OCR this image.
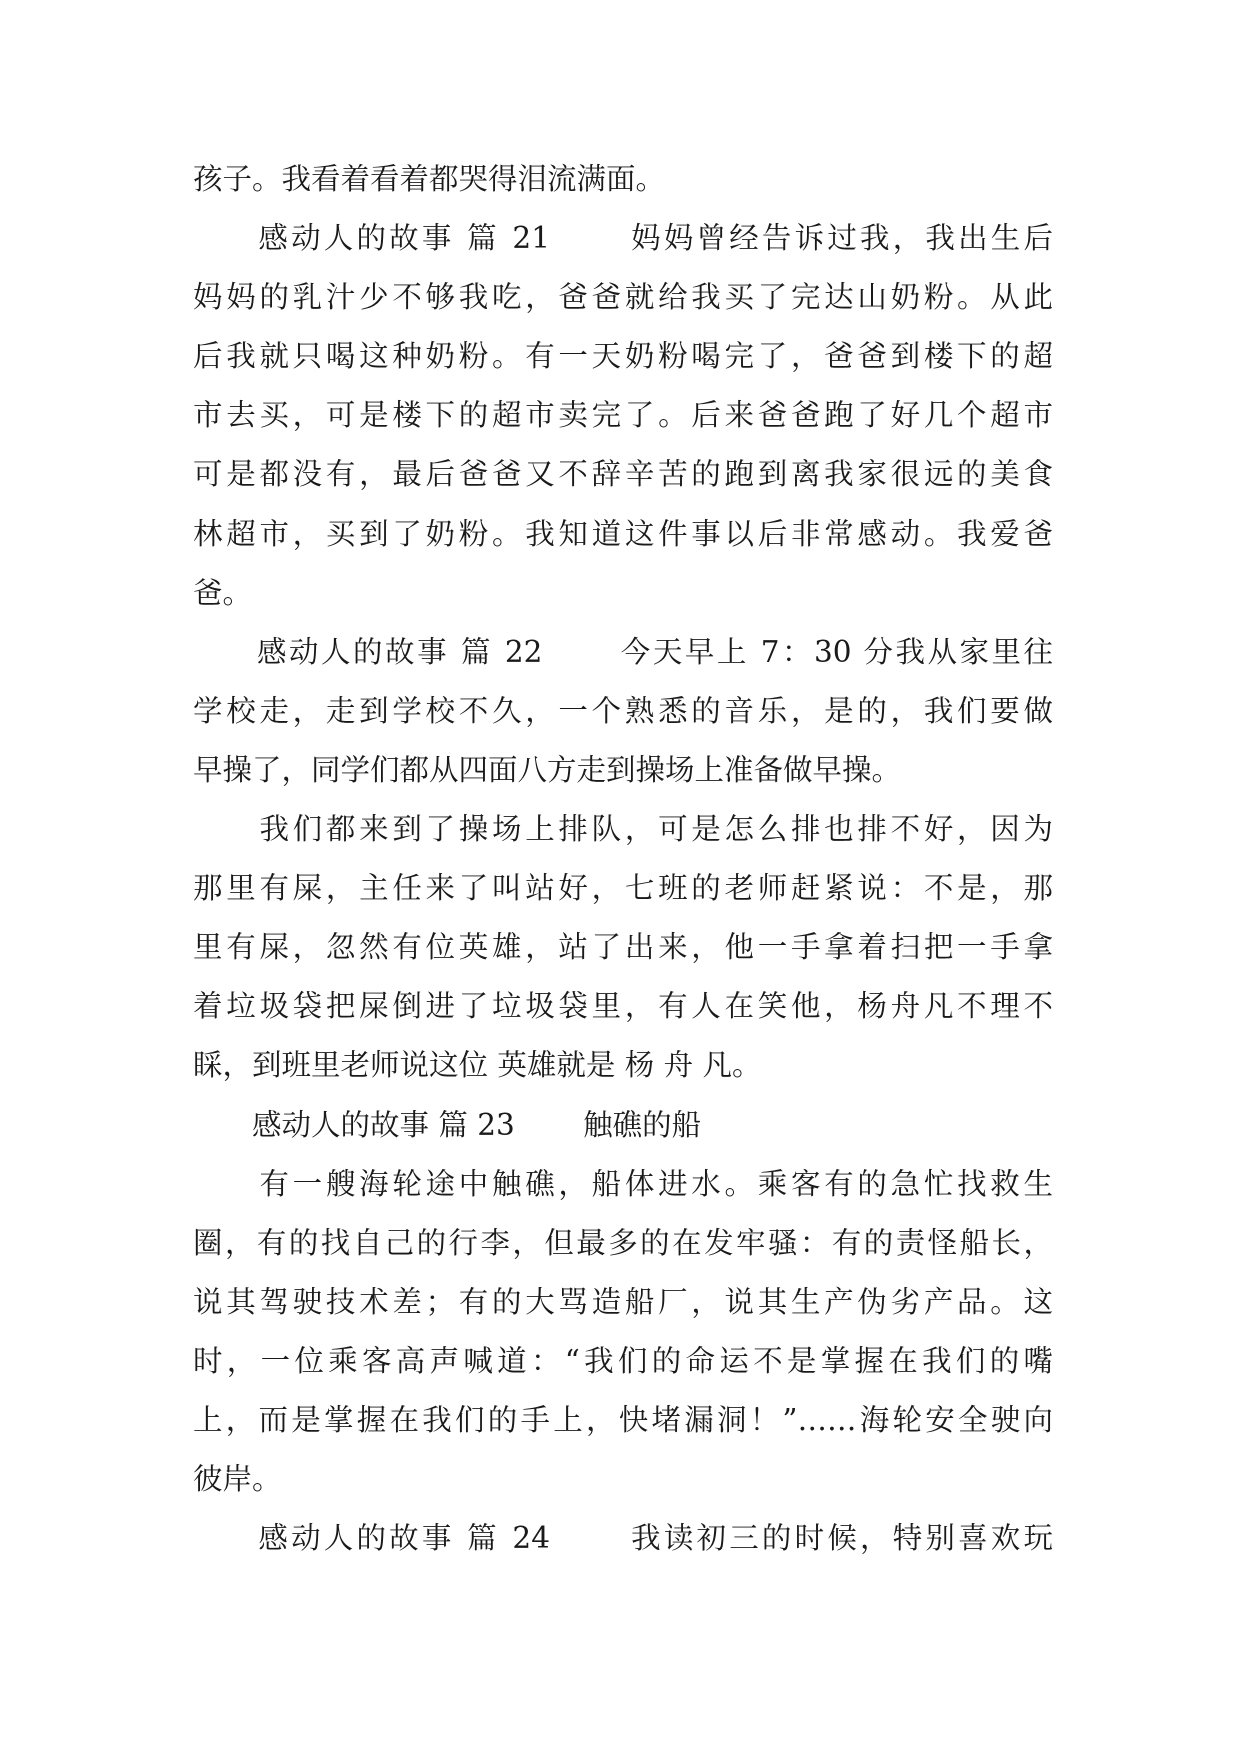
孩子。我看着看着都哭得泪流满面。
　　感动人的故事 篇 21　　 妈妈曾经告诉过我，我出生后
妈妈的乳汁少不够我吃，爸爸就给我买了完达山奶粉。从此
后我就只喝这种奶粉。有一天奶粉喝完了，爸爸到楼下的超
市去买，可是楼下的超市卖完了。后来爸爸跑了好几个超市
可是都没有，最后爸爸又不辞辛苦的跑到离我家很远的美食
林超市，买到了奶粉。我知道这件事以后非常感动。我爱爸
爸。
　　感动人的故事 篇 22　　 今天早上 7：30 分我从家里往
学校走，走到学校不久，一个熟悉的音乐，是的，我们要做
早操了，同学们都从四面八方走到操场上准备做早操。
　　我们都来到了操场上排队，可是怎么排也排不好，因为
那里有屎，主任来了叫站好，七班的老师赶紧说：不是，那
里有屎，忽然有位英雄，站了出来，他一手拿着扫把一手拿
着垃圾袋把屎倒进了垃圾袋里，有人在笑他，杨舟凡不理不
睬，到班里老师说这位 英雄就是 杨 舟 凡。
　　感动人的故事 篇 23　　 触礁的船
　　有一艘海轮途中触礁，船体进水。乘客有的急忙找救生
圈，有的找自己的行李，但最多的在发牢骚：有的责怪船长，
说其驾驶技术差；有的大骂造船厂，说其生产伪劣产品。这
时，一位乘客高声喊道：“我们的命运不是掌握在我们的嘴
上，而是掌握在我们的手上，快堵漏洞！”……海轮安全驶向
彼岸。
　　感动人的故事 篇 24　　 我读初三的时候，特别喜欢玩
